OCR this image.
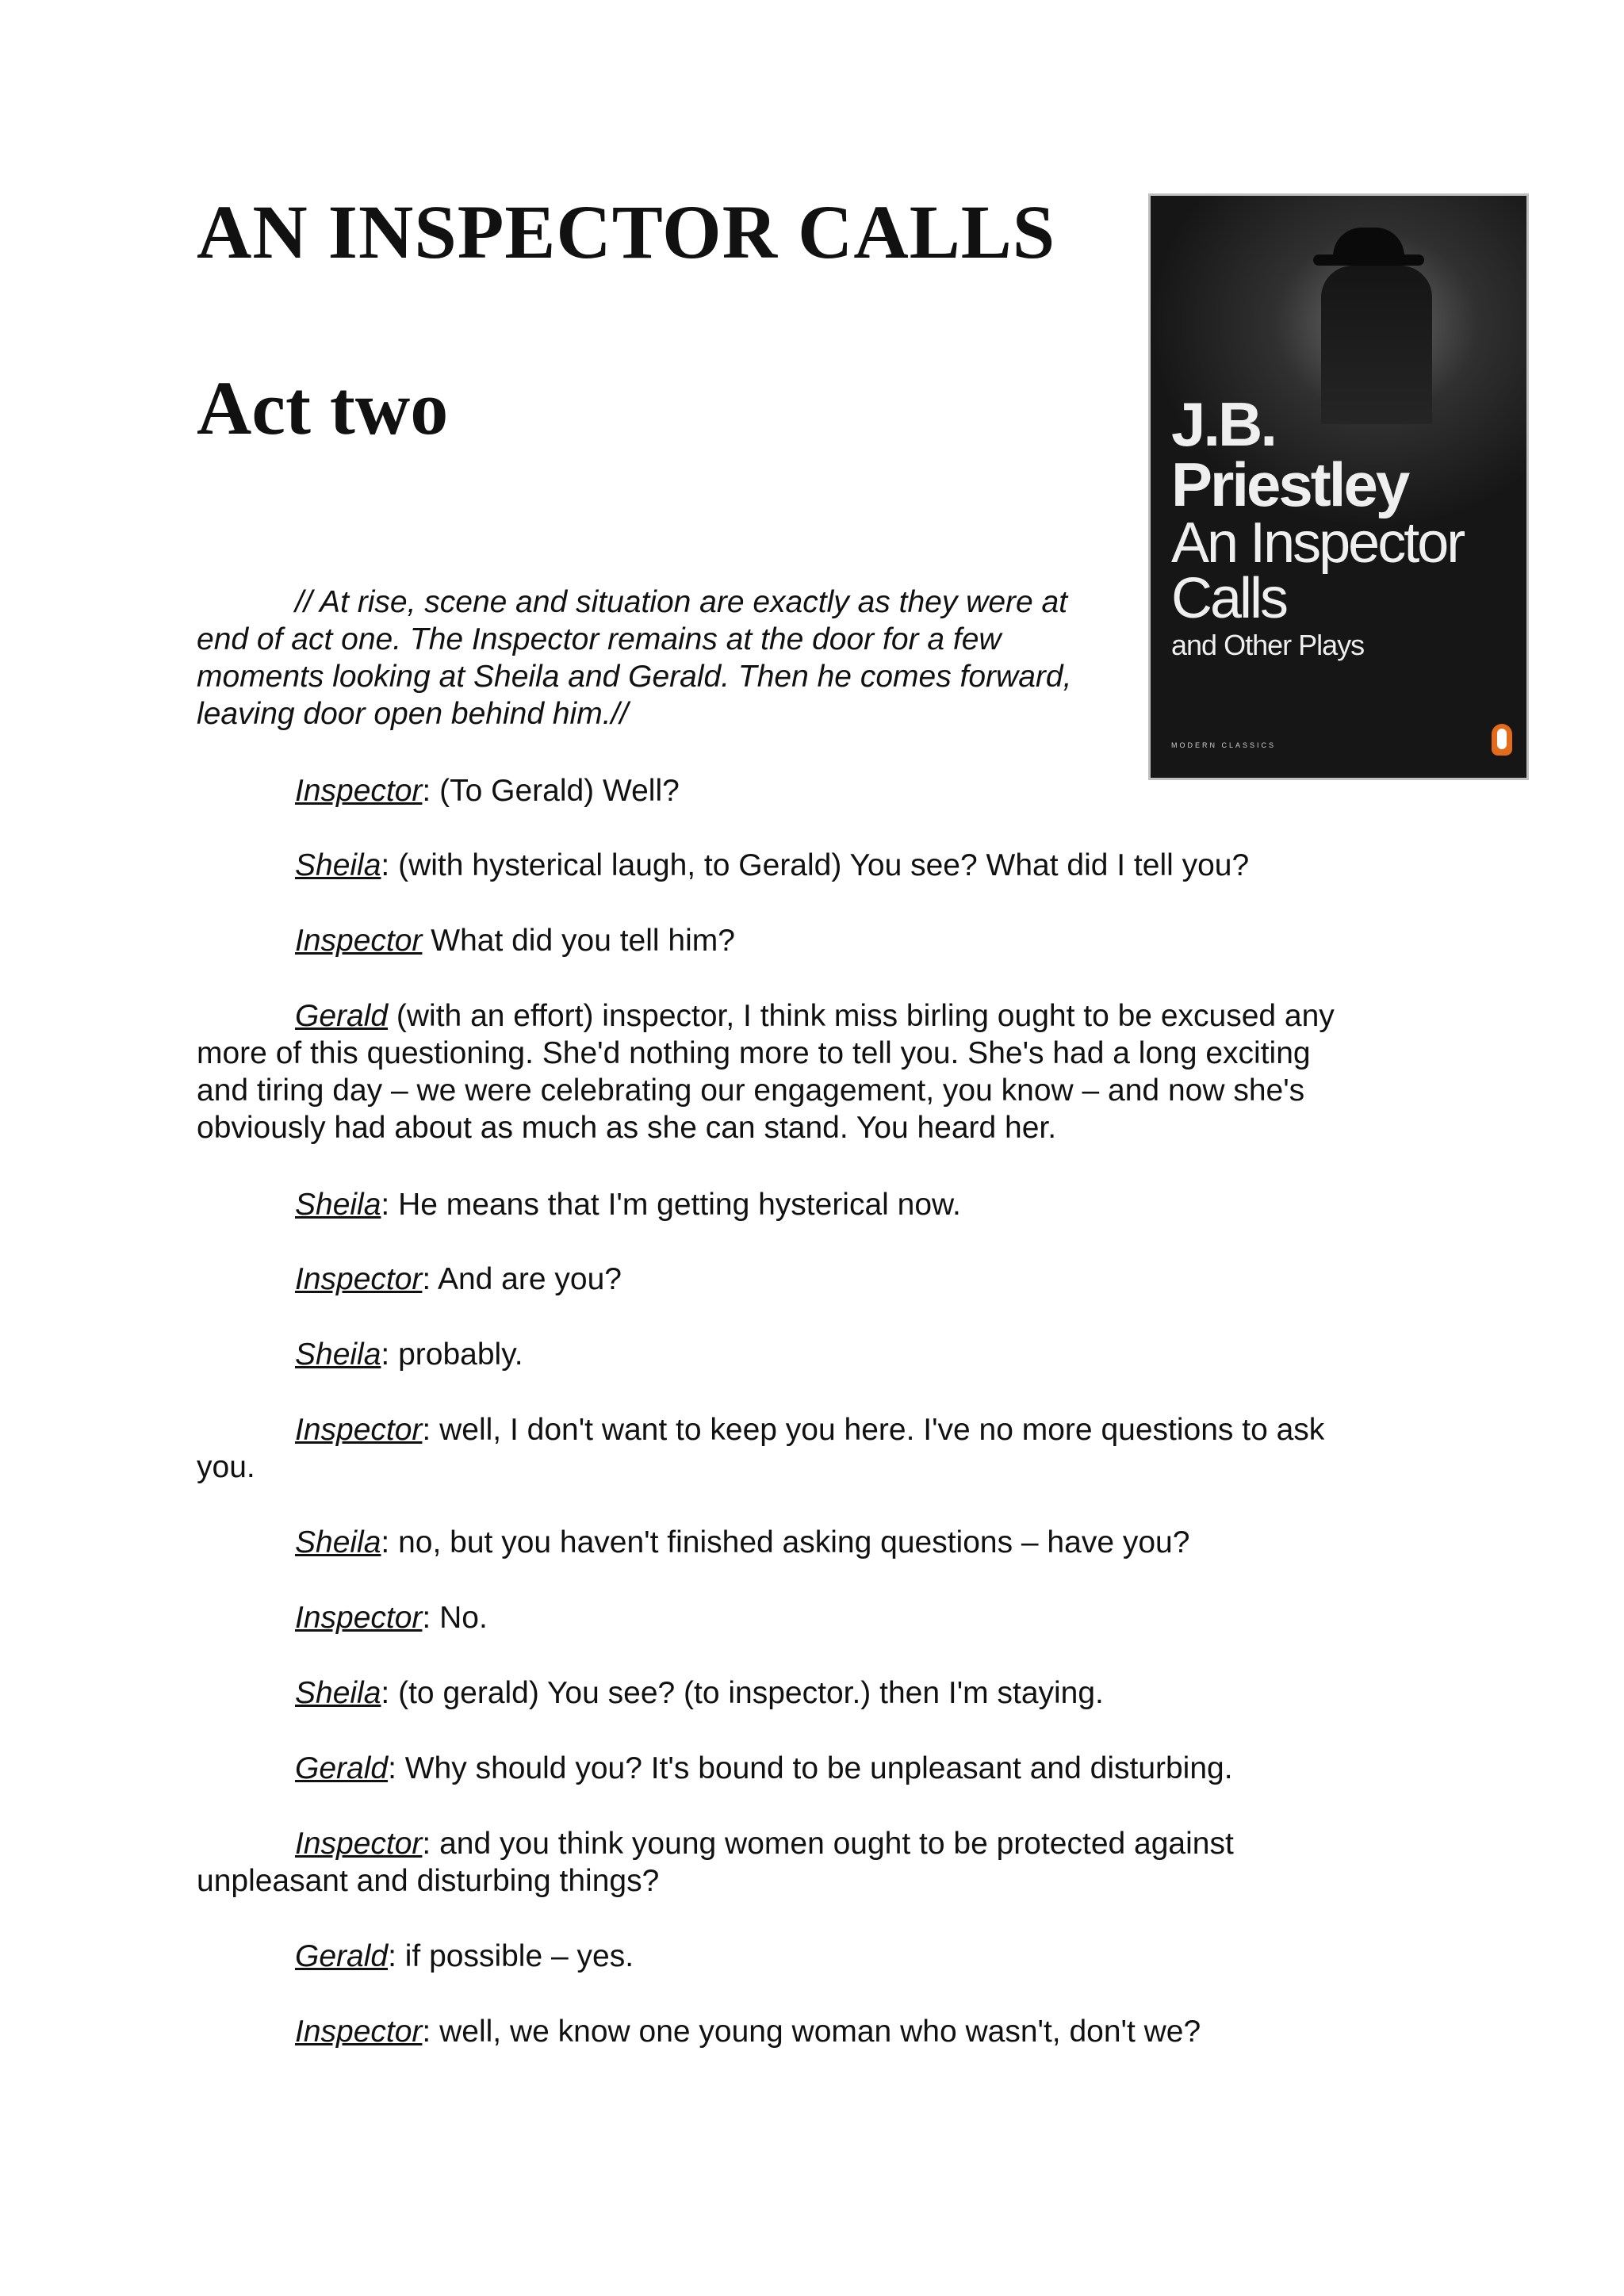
AN INSPECTOR CALLS
Act two	J.B.
Priestley
An Inspector
Calls
and Other Plays
MODERN CLASSICS
// At rise, scene and situation are exactly as they were at
end of act one. The Inspector remains at the door for a few
moments looking at Sheila and Gerald. Then he comes forward,
leaving door open behind him.//
Inspector: (To Gerald) Well?
Sheila: (with hysterical laugh, to Gerald) You see? What did I tell you?
Inspector What did you tell him?
Gerald (with an effort) inspector, I think miss birling ought to be excused any
more of this questioning. She'd nothing more to tell you. She's had a long exciting
and tiring day – we were celebrating our engagement, you know – and now she's
obviously had about as much as she can stand. You heard her.
Sheila: He means that I'm getting hysterical now.
Inspector: And are you?
Sheila: probably.
Inspector: well, I don't want to keep you here. I've no more questions to ask
you.
Sheila: no, but you haven't finished asking questions – have you?
Inspector: No.
Sheila: (to gerald) You see? (to inspector.) then I'm staying.
Gerald: Why should you? It's bound to be unpleasant and disturbing.
Inspector: and you think young women ought to be protected against
unpleasant and disturbing things?
Gerald: if possible – yes.
Inspector: well, we know one young woman who wasn't, don't we?
